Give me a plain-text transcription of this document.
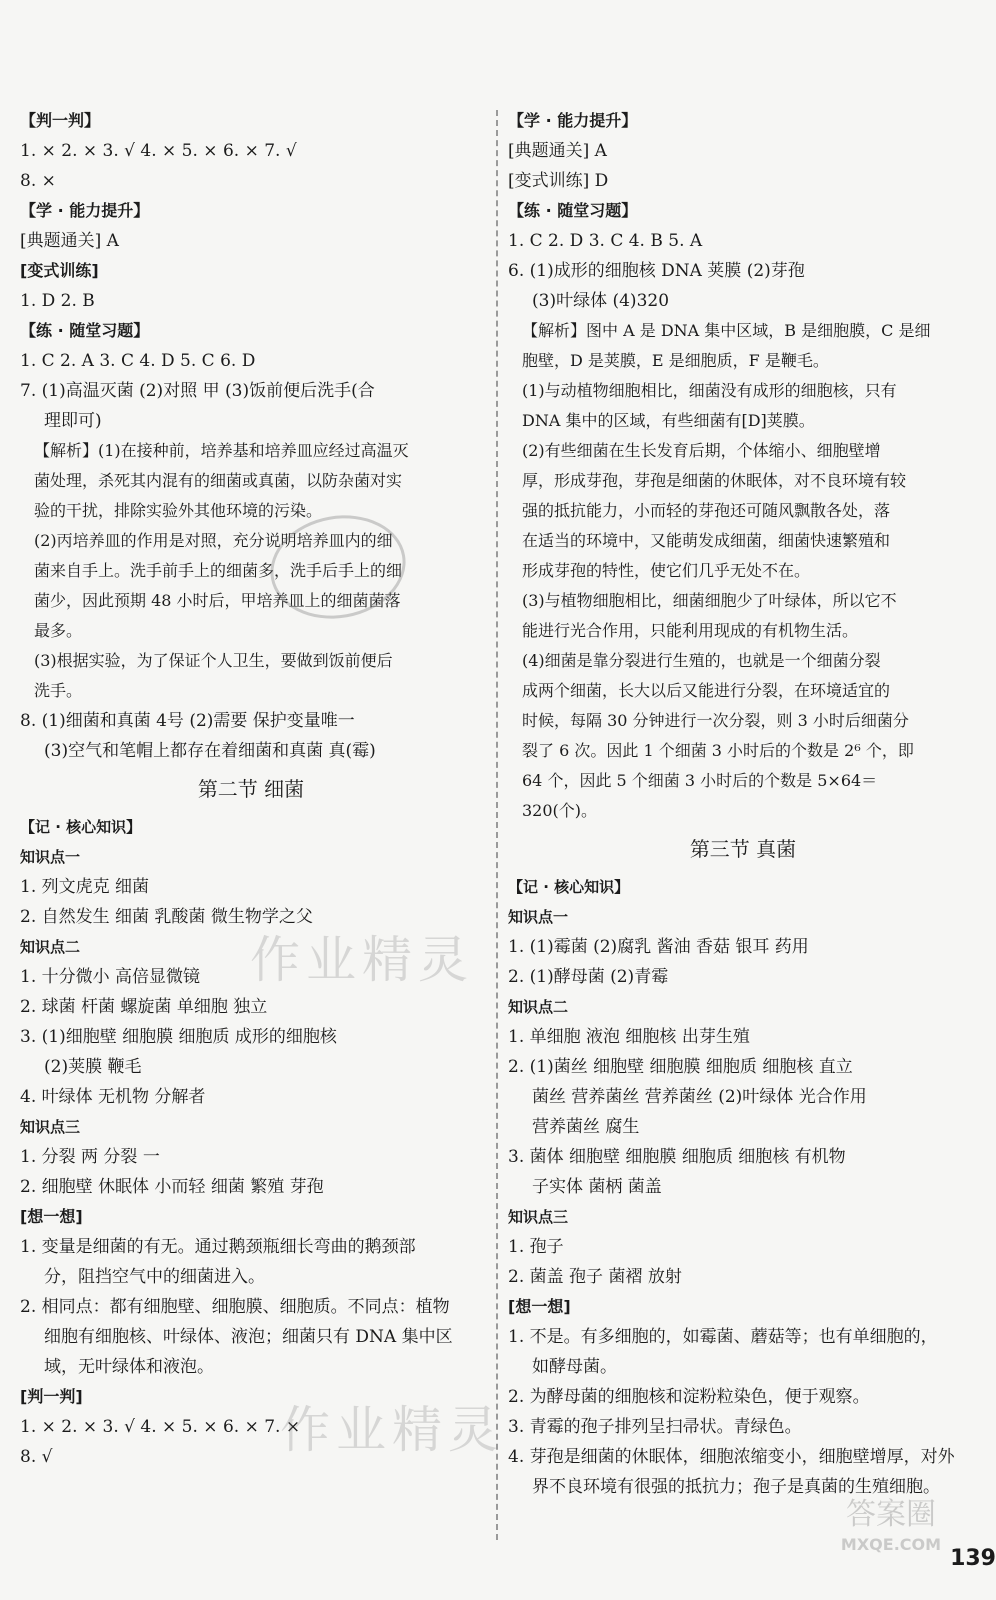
【判一判】
1. × 2. × 3. √ 4. × 5. × 6. × 7. √
8. ×
【学 · 能力提升】
[典题通关] A
[变式训练]
1. D 2. B
【练 · 随堂习题】
1. C 2. A 3. C 4. D 5. C 6. D
7. (1)高温灭菌 (2)对照 甲 (3)饭前便后洗手(合
理即可)
【解析】(1)在接种前，培养基和培养皿应经过高温灭
菌处理，杀死其内混有的细菌或真菌，以防杂菌对实
验的干扰，排除实验外其他环境的污染。
(2)丙培养皿的作用是对照，充分说明培养皿内的细
菌来自手上。洗手前手上的细菌多，洗手后手上的细
菌少，因此预期 48 小时后，甲培养皿上的细菌菌落
最多。
(3)根据实验，为了保证个人卫生，要做到饭前便后
洗手。
8. (1)细菌和真菌 4号 (2)需要 保护变量唯一
(3)空气和笔帽上都存在着细菌和真菌 真(霉)
第二节 细菌
【记 · 核心知识】
知识点一
1. 列文虎克 细菌
2. 自然发生 细菌 乳酸菌 微生物学之父
知识点二
1. 十分微小 高倍显微镜
2. 球菌 杆菌 螺旋菌 单细胞 独立
3. (1)细胞壁 细胞膜 细胞质 成形的细胞核
(2)荚膜 鞭毛
4. 叶绿体 无机物 分解者
知识点三
1. 分裂 两 分裂 一
2. 细胞壁 休眠体 小而轻 细菌 繁殖 芽孢
[想一想]
1. 变量是细菌的有无。通过鹅颈瓶细长弯曲的鹅颈部
分，阻挡空气中的细菌进入。
2. 相同点：都有细胞壁、细胞膜、细胞质。不同点：植物
细胞有细胞核、叶绿体、液泡；细菌只有 DNA 集中区
域，无叶绿体和液泡。
[判一判]
1. × 2. × 3. √ 4. × 5. × 6. × 7. ×
8. √
【学 · 能力提升】
[典题通关] A
[变式训练] D
【练 · 随堂习题】
1. C 2. D 3. C 4. B 5. A
6. (1)成形的细胞核 DNA 荚膜 (2)芽孢
(3)叶绿体 (4)320
【解析】图中 A 是 DNA 集中区域，B 是细胞膜，C 是细
胞壁，D 是荚膜，E 是细胞质，F 是鞭毛。
(1)与动植物细胞相比，细菌没有成形的细胞核，只有
DNA 集中的区域，有些细菌有[D]荚膜。
(2)有些细菌在生长发育后期，个体缩小、细胞壁增
厚，形成芽孢，芽孢是细菌的休眠体，对不良环境有较
强的抵抗能力，小而轻的芽孢还可随风飘散各处，落
在适当的环境中，又能萌发成细菌，细菌快速繁殖和
形成芽孢的特性，使它们几乎无处不在。
(3)与植物细胞相比，细菌细胞少了叶绿体，所以它不
能进行光合作用，只能利用现成的有机物生活。
(4)细菌是靠分裂进行生殖的，也就是一个细菌分裂
成两个细菌，长大以后又能进行分裂，在环境适宜的
时候，每隔 30 分钟进行一次分裂，则 3 小时后细菌分
裂了 6 次。因此 1 个细菌 3 小时后的个数是 2⁶ 个，即
64 个，因此 5 个细菌 3 小时后的个数是 5×64＝
320(个)。
第三节 真菌
【记 · 核心知识】
知识点一
1. (1)霉菌 (2)腐乳 酱油 香菇 银耳 药用
2. (1)酵母菌 (2)青霉
知识点二
1. 单细胞 液泡 细胞核 出芽生殖
2. (1)菌丝 细胞壁 细胞膜 细胞质 细胞核 直立
菌丝 营养菌丝 营养菌丝 (2)叶绿体 光合作用
营养菌丝 腐生
3. 菌体 细胞壁 细胞膜 细胞质 细胞核 有机物
子实体 菌柄 菌盖
知识点三
1. 孢子
2. 菌盖 孢子 菌褶 放射
[想一想]
1. 不是。有多细胞的，如霉菌、蘑菇等；也有单细胞的，
如酵母菌。
2. 为酵母菌的细胞核和淀粉粒染色，便于观察。
3. 青霉的孢子排列呈扫帚状。青绿色。
4. 芽孢是细菌的休眠体，细胞浓缩变小，细胞壁增厚，对外
界不良环境有很强的抵抗力；孢子是真菌的生殖细胞。
作业精灵
作业精灵
答案圈
MXQE.COM
139
